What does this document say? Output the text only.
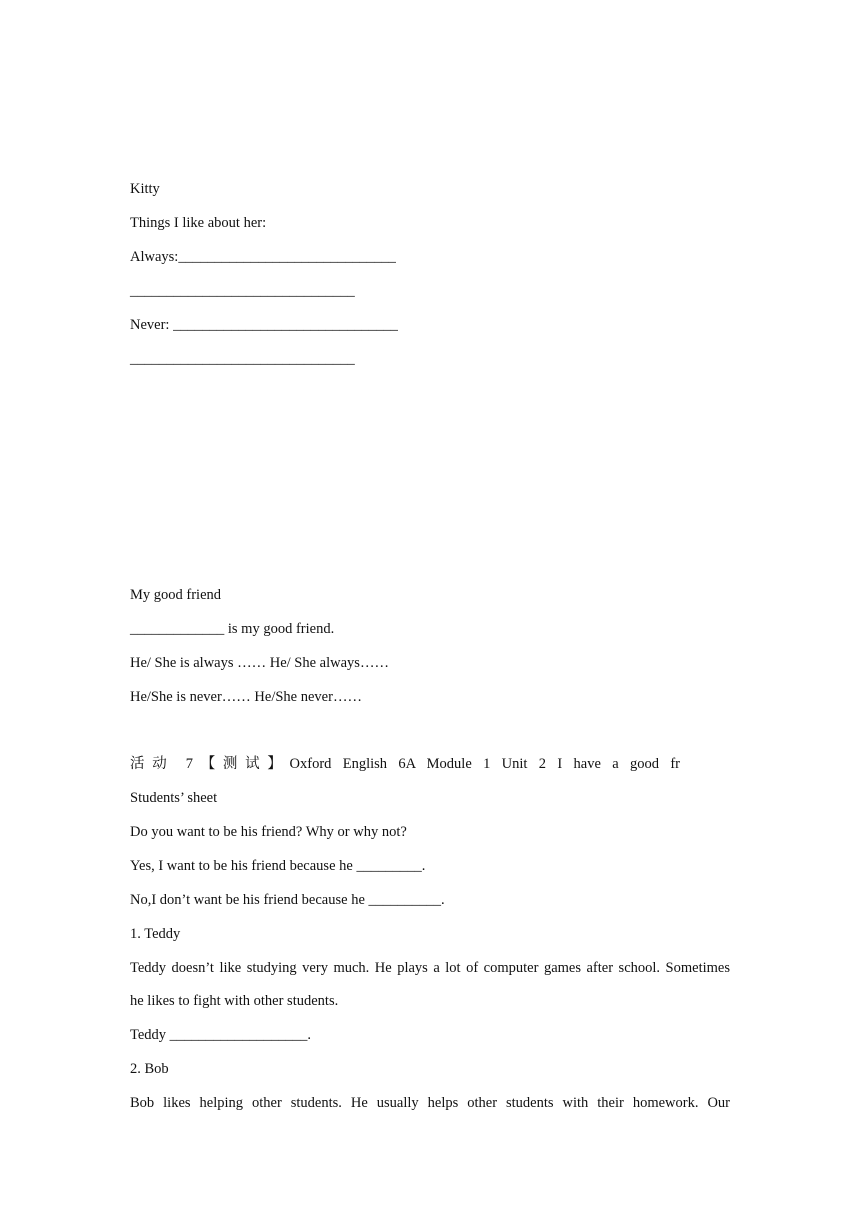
Kitty
Things I like about her:
Always:______________________________
_______________________________
Never: _______________________________
_______________________________
My good friend
_____________ is my good friend.
He/ She is always …… He/ She always……
He/She is never…… He/She never……
活动 7【测试】Oxford English 6A Module 1 Unit 2 I have a good fr
Students’ sheet
Do you want to be his friend? Why or why not?
Yes, I want to be his friend because he _________.
No,I don’t want be his friend because he __________.
1. Teddy
Teddy doesn’t like studying very much. He plays a lot of computer games after school. Sometimes
he likes to fight with other students.
Teddy ___________________.
2. Bob
Bob likes helping other students. He usually helps other students with their homework. Our
